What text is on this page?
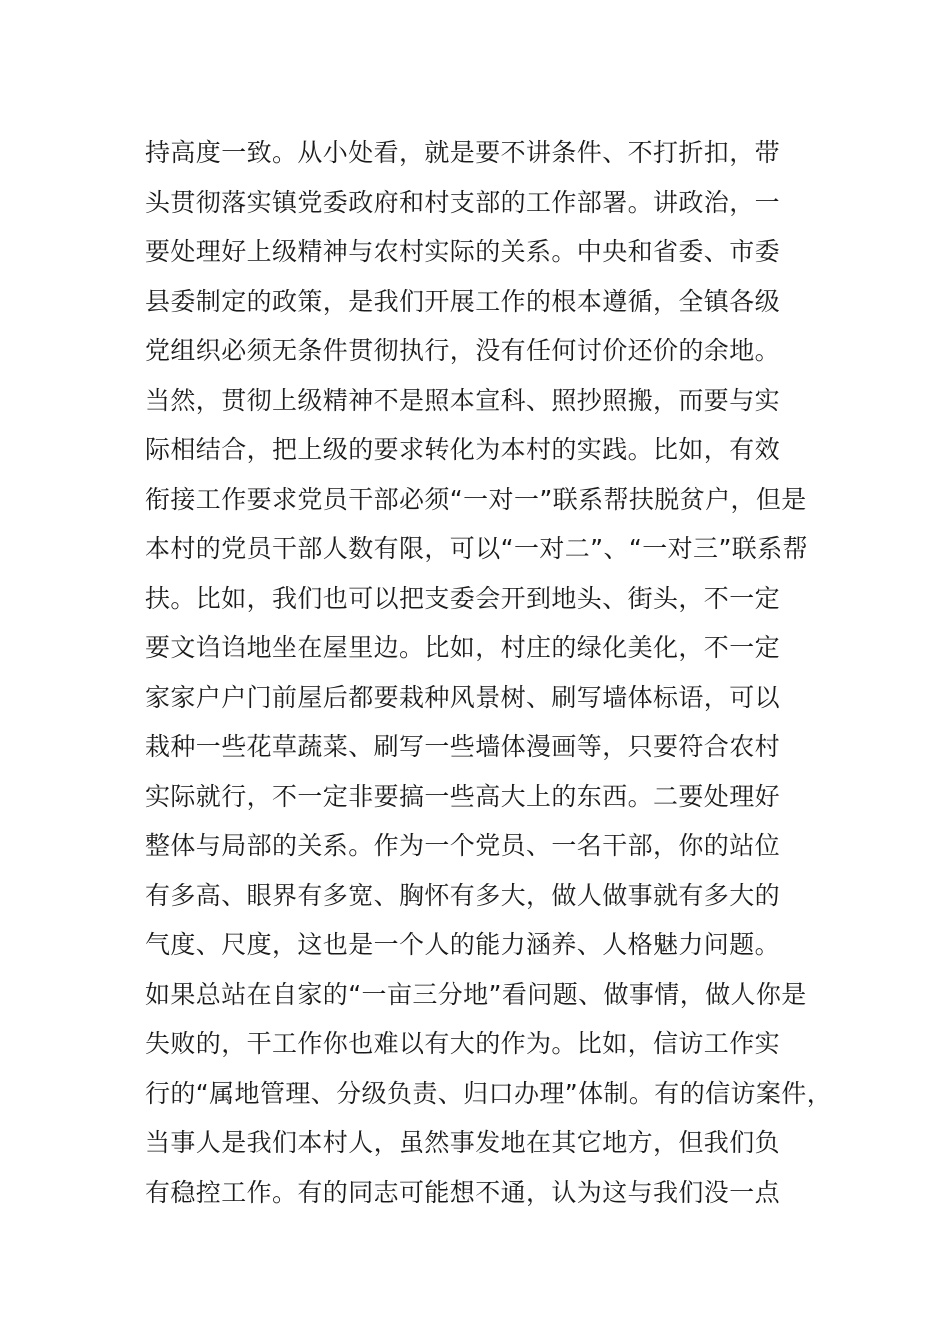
持高度一致。从小处看，就是要不讲条件、不打折扣，带
头贯彻落实镇党委政府和村支部的工作部署。讲政治，一
要处理好上级精神与农村实际的关系。中央和省委、市委
县委制定的政策，是我们开展工作的根本遵循，全镇各级
党组织必须无条件贯彻执行，没有任何讨价还价的余地。
当然，贯彻上级精神不是照本宣科、照抄照搬，而要与实
际相结合，把上级的要求转化为本村的实践。比如，有效
衔接工作要求党员干部必须“一对一”联系帮扶脱贫户，但是
本村的党员干部人数有限，可以“一对二”、“一对三”联系帮
扶。比如，我们也可以把支委会开到地头、街头，不一定
要文诌诌地坐在屋里边。比如，村庄的绿化美化，不一定
家家户户门前屋后都要栽种风景树、刷写墙体标语，可以
栽种一些花草蔬菜、刷写一些墙体漫画等，只要符合农村
实际就行，不一定非要搞一些高大上的东西。二要处理好
整体与局部的关系。作为一个党员、一名干部，你的站位
有多高、眼界有多宽、胸怀有多大，做人做事就有多大的
气度、尺度，这也是一个人的能力涵养、人格魅力问题。
如果总站在自家的“一亩三分地”看问题、做事情，做人你是
失败的，干工作你也难以有大的作为。比如，信访工作实
行的“属地管理、分级负责、归口办理”体制。有的信访案件，
当事人是我们本村人，虽然事发地在其它地方，但我们负
有稳控工作。有的同志可能想不通，认为这与我们没一点
